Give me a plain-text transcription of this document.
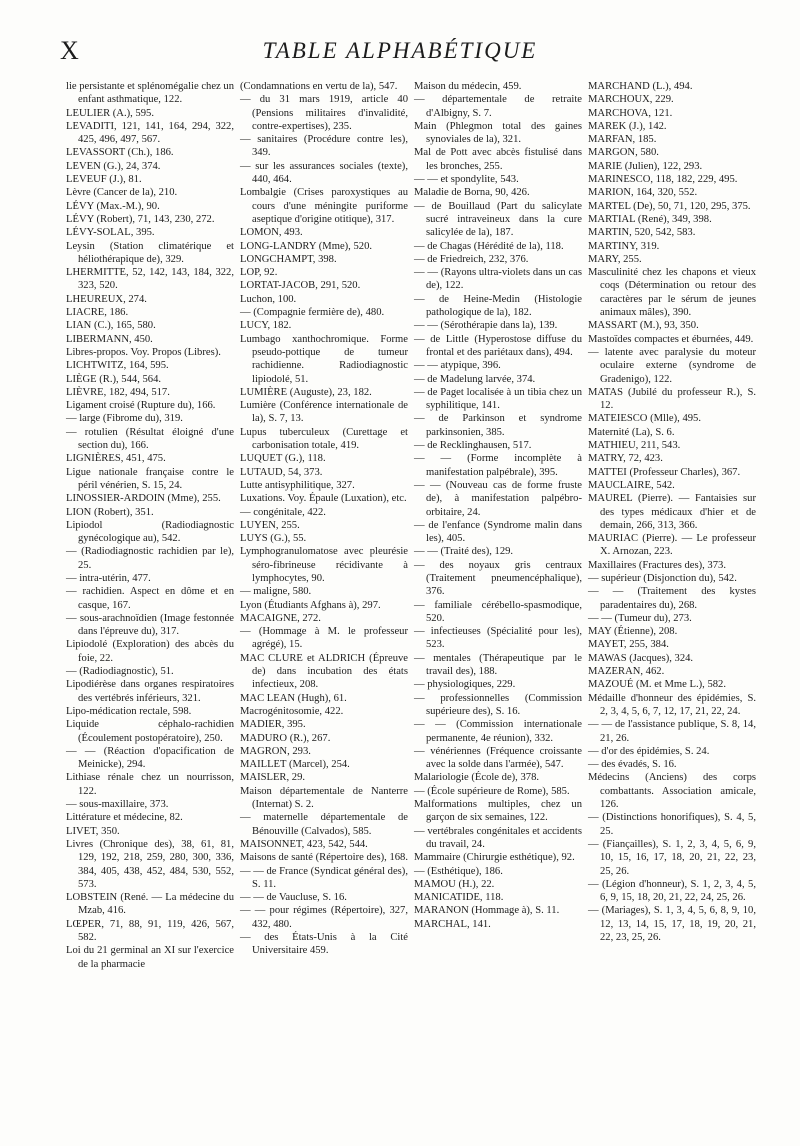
X	TABLE ALPHABÉTIQUE
lie persistante et splénomégalie chez un enfant asthmatique, 122.
LEULIER (A.), 595.
LEVADITI, 121, 141, 164, 294, 322, 425, 496, 497, 567.
LEVASSORT (Ch.), 186.
LEVEN (G.), 24, 374.
LEVEUF (J.), 81.
Lèvre (Cancer de la), 210.
LÉVY (Max.-M.), 90.
LÉVY (Robert), 71, 143, 230, 272.
LÉVY-SOLAL, 395.
Leysin (Station climatérique et héliothérapique de), 329.
LHERMITTE, 52, 142, 143, 184, 322, 323, 520.
LHEUREUX, 274.
LIACRE, 186.
LIAN (C.), 165, 580.
LIBERMANN, 450.
Libres-propos. Voy. Propos (Libres).
LICHTWITZ, 164, 595.
LIÈGE (R.), 544, 564.
LIÈVRE, 182, 494, 517.
Ligament croisé (Rupture du), 166.
— large (Fibrome du), 319.
— rotulien (Résultat éloigné d'une section du), 166.
LIGNIÈRES, 451, 475.
Ligue nationale française contre le péril vénérien, S. 15, 24.
LINOSSIER-ARDOIN (Mme), 255.
LION (Robert), 351.
Lipiodol (Radiodiagnostic gynécologique au), 542.
— (Radiodiagnostic rachidien par le), 25.
— intra-utérin, 477.
— rachidien. Aspect en dôme et en casque, 167.
— sous-arachnoïdien (Image festonnée dans l'épreuve du), 317.
Lipiodolé (Exploration) des abcès du foie, 22.
— (Radiodiagnostic), 51.
Lipodiérèse dans organes respiratoires des vertébrés inférieurs, 321.
Lipo-médication rectale, 598.
Liquide céphalo-rachidien (Écoulement postopératoire), 250.
— — (Réaction d'opacification de Meinicke), 294.
Lithiase rénale chez un nourrisson, 122.
— sous-maxillaire, 373.
Littérature et médecine, 82.
LIVET, 350.
Livres (Chronique des), 38, 61, 81, 129, 192, 218, 259, 280, 300, 336, 384, 405, 438, 452, 484, 530, 552, 573.
LOBSTEIN (René. — La médecine du Mzab, 416.
LŒPER, 71, 88, 91, 119, 426, 567, 582.
Loi du 21 germinal an XI sur l'exercice de la pharmacie
(Condamnations en vertu de la), 547.
— du 31 mars 1919, article 40 (Pensions militaires d'invalidité, contre-expertises), 235.
— sanitaires (Procédure contre les), 349.
— sur les assurances sociales (texte), 440, 464.
Lombalgie (Crises paroxystiques au cours d'une méningite puriforme aseptique d'origine otitique), 317.
LOMON, 493.
LONG-LANDRY (Mme), 520.
LONGCHAMPT, 398.
LOP, 92.
LORTAT-JACOB, 291, 520.
Luchon, 100.
— (Compagnie fermière de), 480.
LUCY, 182.
Lumbago xanthochromique. Forme pseudo-pottique de tumeur rachidienne. Radiodiagnostic lipiodolé, 51.
LUMIÈRE (Auguste), 23, 182.
Lumière (Conférence internationale de la), S. 7, 13.
Lupus tuberculeux (Curettage et carbonisation totale, 419.
LUQUET (G.), 118.
LUTAUD, 54, 373.
Lutte antisyphilitique, 327.
Luxations. Voy. Épaule (Luxation), etc.
— congénitale, 422.
LUYEN, 255.
LUYS (G.), 55.
Lymphogranulomatose avec pleurésie séro-fibrineuse récidivante à lymphocytes, 90.
— maligne, 580.
Lyon (Étudiants Afghans à), 297.
MACAIGNE, 272.
— (Hommage à M. le professeur agrégé), 15.
MAC CLURE et ALDRICH (Épreuve de) dans incubation des états infectieux, 208.
MAC LEAN (Hugh), 61.
Macrogénitosomie, 422.
MADIER, 395.
MADURO (R.), 267.
MAGRON, 293.
MAILLET (Marcel), 254.
MAISLER, 29.
Maison départementale de Nanterre (Internat) S. 2.
— maternelle départementale de Bénouville (Calvados), 585.
MAISONNET, 423, 542, 544.
Maisons de santé (Répertoire des), 168.
— — de France (Syndicat général des), S. 11.
— — de Vaucluse, S. 16.
— — pour régimes (Répertoire), 327, 432, 480.
— des États-Unis à la Cité Universitaire 459.
Maison du médecin, 459.
— départementale de retraite d'Albigny, S. 7.
Main (Phlegmon total des gaines synoviales de la), 321.
Mal de Pott avec abcès fistulisé dans les bronches, 255.
— — et spondylite, 543.
Maladie de Borna, 90, 426.
— de Bouillaud (Part du salicylate sucré intraveineux dans la cure salicylée de la), 187.
— de Chagas (Hérédité de la), 118.
— de Friedreich, 232, 376.
— — (Rayons ultra-violets dans un cas de), 122.
— de Heine-Medin (Histologie pathologique de la), 182.
— — (Sérothérapie dans la), 139.
— de Little (Hyperostose diffuse du frontal et des pariétaux dans), 494.
— — atypique, 396.
— de Madelung larvée, 374.
— de Paget localisée à un tibia chez un syphilitique, 141.
— de Parkinson et syndrome parkinsonien, 385.
— de Recklinghausen, 517.
— — (Forme incomplète à manifestation palpébrale), 395.
— — (Nouveau cas de forme fruste de), à manifestation palpébro-orbitaire, 24.
— de l'enfance (Syndrome malin dans les), 405.
— — (Traité des), 129.
— des noyaux gris centraux (Traitement pneumencéphalique), 376.
— familiale cérébello-spasmodique, 520.
— infectieuses (Spécialité pour les), 523.
— mentales (Thérapeutique par le travail des), 188.
— physiologiques, 229.
— professionnelles (Commission supérieure des), S. 16.
— — (Commission internationale permanente, 4e réunion), 332.
— vénériennes (Fréquence croissante avec la solde dans l'armée), 547.
Malariologie (École de), 378.
— (École supérieure de Rome), 585.
Malformations multiples, chez un garçon de six semaines, 122.
— vertébrales congénitales et accidents du travail, 24.
Mammaire (Chirurgie esthétique), 92.
— (Esthétique), 186.
MAMOU (H.), 22.
MANICATIDE, 118.
MARANON (Hommage à), S. 11.
MARCHAL, 141.
MARCHAND (L.), 494.
MARCHOUX, 229.
MARCHOVA, 121.
MAREK (J.), 142.
MARFAN, 185.
MARGON, 580.
MARIE (Julien), 122, 293.
MARINESCO, 118, 182, 229, 495.
MARION, 164, 320, 552.
MARTEL (De), 50, 71, 120, 295, 375.
MARTIAL (René), 349, 398.
MARTIN, 520, 542, 583.
MARTINY, 319.
MARY, 255.
Masculinité chez les chapons et vieux coqs (Détermination ou retour des caractères par le sérum de jeunes animaux mâles), 390.
MASSART (M.), 93, 350.
Mastoïdes compactes et éburnées, 449.
— latente avec paralysie du moteur oculaire externe (syndrome de Gradenigo), 122.
MATAS (Jubilé du professeur R.), S. 12.
MATEIESCO (Mlle), 495.
Maternité (La), S. 6.
MATHIEU, 211, 543.
MATRY, 72, 423.
MATTEI (Professeur Charles), 367.
MAUCLAIRE, 542.
MAUREL (Pierre). — Fantaisies sur des types médicaux d'hier et de demain, 266, 313, 366.
MAURIAC (Pierre). — Le professeur X. Arnozan, 223.
Maxillaires (Fractures des), 373.
— supérieur (Disjonction du), 542.
— — (Traitement des kystes paradentaires du), 268.
— — (Tumeur du), 273.
MAY (Étienne), 208.
MAYET, 255, 384.
MAWAS (Jacques), 324.
MAZERAN, 462.
MAZOUÉ (M. et Mme L.), 582.
Médaille d'honneur des épidémies, S. 2, 3, 4, 5, 6, 7, 12, 17, 21, 22, 24.
— — de l'assistance publique, S. 8, 14, 21, 26.
— d'or des épidémies, S. 24.
— des évadés, S. 16.
Médecins (Anciens) des corps combattants. Association amicale, 126.
— (Distinctions honorifiques), S. 4, 5, 25.
— (Fiançailles), S. 1, 2, 3, 4, 5, 6, 9, 10, 15, 16, 17, 18, 20, 21, 22, 23, 25, 26.
— (Légion d'honneur), S. 1, 2, 3, 4, 5, 6, 9, 15, 18, 20, 21, 22, 24, 25, 26.
— (Mariages), S. 1, 3, 4, 5, 6, 8, 9, 10, 12, 13, 14, 15, 17, 18, 19, 20, 21, 22, 23, 25, 26.
